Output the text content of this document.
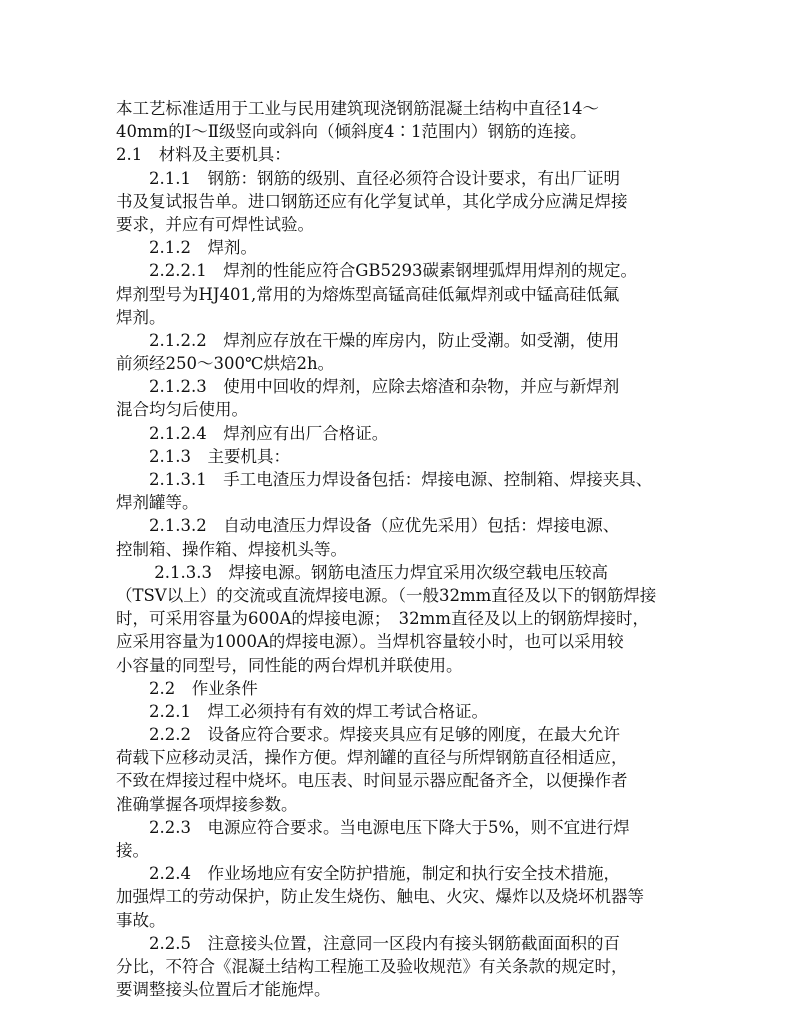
本工艺标准适用于工业与民用建筑现浇钢筋混凝土结构中直径14～
40mm的Ⅰ～Ⅱ级竖向或斜向（倾斜度4∶1范围内）钢筋的连接。
2.1　材料及主要机具：
　　2.1.1　钢筋：钢筋的级别、直径必须符合设计要求，有出厂证明
书及复试报告单。进口钢筋还应有化学复试单，其化学成分应满足焊接
要求，并应有可焊性试验。
　　2.1.2　焊剂。
　　2.2.2.1　焊剂的性能应符合GB5293碳素钢埋弧焊用焊剂的规定。
焊剂型号为HJ401,常用的为熔炼型高锰高硅低氟焊剂或中锰高硅低氟
焊剂。
　　2.1.2.2　焊剂应存放在干燥的库房内，防止受潮。如受潮，使用
前须经250～300℃烘焙2h。
　　2.1.2.3　使用中回收的焊剂，应除去熔渣和杂物，并应与新焊剂
混合均匀后使用。
　　2.1.2.4　焊剂应有出厂合格证。
　　2.1.3　主要机具：
　　2.1.3.1　手工电渣压力焊设备包括：焊接电源、控制箱、焊接夹具、
焊剂罐等。
　　2.1.3.2　自动电渣压力焊设备（应优先采用）包括：焊接电源、
控制箱、操作箱、焊接机头等。
　　 2.1.3.3　焊接电源。钢筋电渣压力焊宜采用次级空载电压较高
（TSV以上）的交流或直流焊接电源。（一般32mm直径及以下的钢筋焊接
时，可采用容量为600A的焊接电源；　32mm直径及以上的钢筋焊接时，
应采用容量为1000A的焊接电源）。当焊机容量较小时，也可以采用较
小容量的同型号，同性能的两台焊机并联使用。
　　2.2　作业条件
　　2.2.1　焊工必须持有有效的焊工考试合格证。
　　2.2.2　设备应符合要求。焊接夹具应有足够的刚度，在最大允许
荷载下应移动灵活，操作方便。焊剂罐的直径与所焊钢筋直径相适应，
不致在焊接过程中烧坏。电压表、时间显示器应配备齐全，以便操作者
准确掌握各项焊接参数。
　　2.2.3　电源应符合要求。当电源电压下降大于5%，则不宜进行焊
接。
　　2.2.4　作业场地应有安全防护措施，制定和执行安全技术措施，
加强焊工的劳动保护，防止发生烧伤、触电、火灾、爆炸以及烧坏机器等
事故。
　　2.2.5　注意接头位置，注意同一区段内有接头钢筋截面面积的百
分比，不符合《混凝土结构工程施工及验收规范》有关条款的规定时，
要调整接头位置后才能施焊。
